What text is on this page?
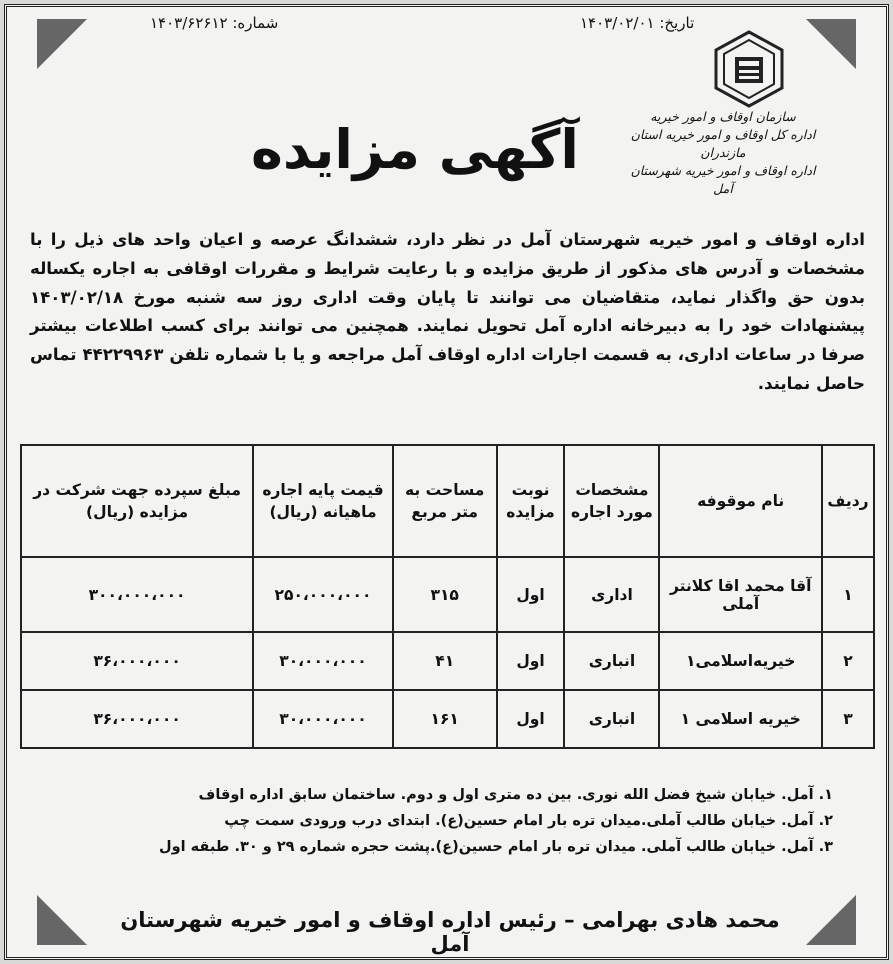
تاریخ: ۱۴۰۳/۰۲/۰۱
شماره: ۱۴۰۳/۶۲۶۱۲
سازمان اوقاف و امور خیریه
اداره کل اوقاف و امور خیریه استان مازندران
اداره اوقاف و امور خیریه شهرستان آمل
آگهی مزایده
اداره اوقاف و امور خیریه شهرستان آمل در نظر دارد، ششدانگ عرصه و اعیان واحد های ذیل را با مشخصات و آدرس های مذکور از طریق مزایده و با رعایت شرایط و مقررات اوقافی به اجاره یکساله بدون حق واگذار نماید، متقاضیان می توانند تا پایان وقت اداری روز سه شنبه مورخ ۱۴۰۳/۰۲/۱۸ پیشنهادات خود را به دبیرخانه اداره آمل تحویل نمایند. همچنین می توانند برای کسب اطلاعات بیشتر صرفا در ساعات اداری، به قسمت اجارات اداره اوقاف آمل مراجعه و یا با شماره تلفن ۴۴۲۲۹۹۶۳ تماس حاصل نمایند.
ردیف	نام موقوفه	مشخصات مورد اجاره	نوبت مزایده	مساحت به متر مربع	قیمت پایه اجاره ماهیانه (ریال)	مبلغ سپرده جهت شرکت در مزایده (ریال)
۱	آقا محمد اقا کلانتر آملی	اداری	اول	۳۱۵	۲۵۰،۰۰۰،۰۰۰	۳۰۰،۰۰۰،۰۰۰
۲	خیریه‌اسلامی۱	انباری	اول	۴۱	۳۰،۰۰۰،۰۰۰	۳۶،۰۰۰،۰۰۰
۳	خیریه اسلامی ۱	انباری	اول	۱۶۱	۳۰،۰۰۰،۰۰۰	۳۶،۰۰۰،۰۰۰
۱. آمل. خیابان شیخ فضل الله نوری. بین ده متری اول و دوم. ساختمان سابق اداره اوقاف
۲. آمل. خیابان طالب آملی.میدان تره بار امام حسین(ع). ابتدای درب ورودی سمت چپ
۳. آمل. خیابان طالب آملی. میدان تره بار امام حسین(ع).پشت حجره شماره ۲۹ و ۳۰. طبقه اول
محمد هادی بهرامی – رئیس اداره اوقاف و امور خیریه شهرستان آمل
